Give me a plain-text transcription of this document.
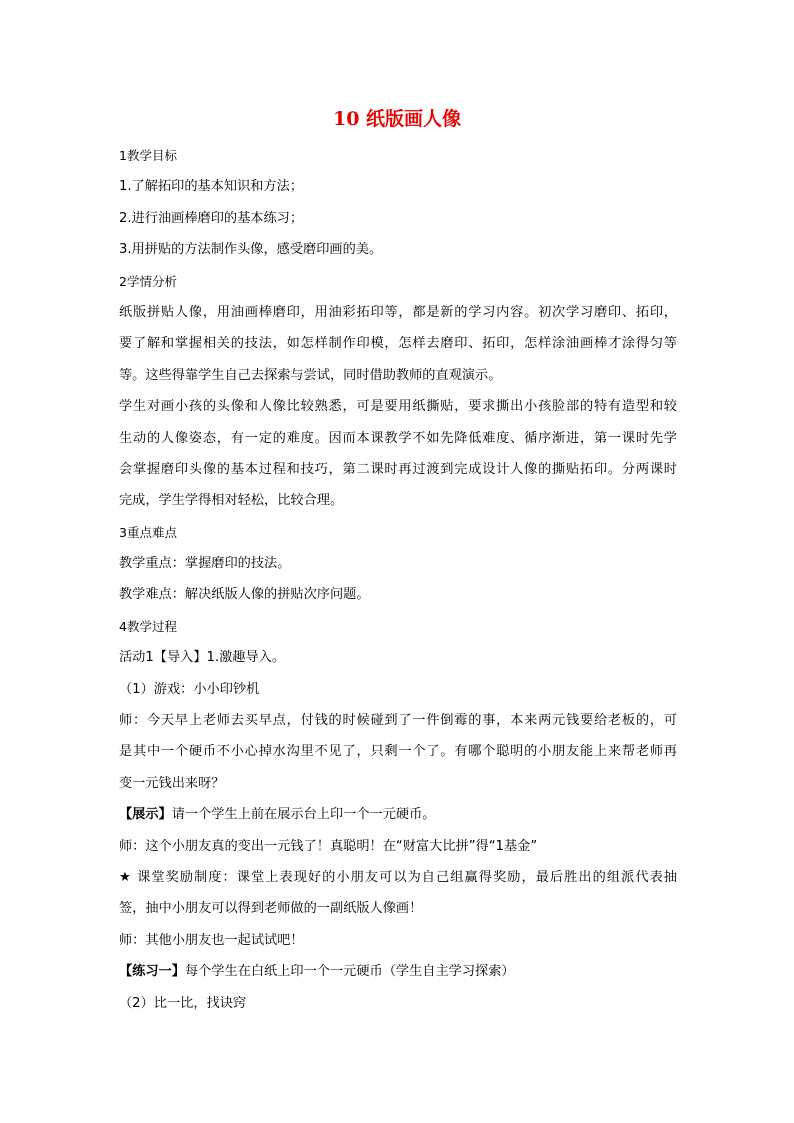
10 纸版画人像
1教学目标
1.了解拓印的基本知识和方法；
2.进行油画棒磨印的基本练习；
3.用拼贴的方法制作头像，感受磨印画的美。
2学情分析
纸版拼贴人像，用油画棒磨印，用油彩拓印等，都是新的学习内容。初次学习磨印、拓印，
要了解和掌握相关的技法，如怎样制作印模，怎样去磨印、拓印，怎样涂油画棒才涂得匀等
等。这些得靠学生自己去探索与尝试，同时借助教师的直观演示。
学生对画小孩的头像和人像比较熟悉，可是要用纸撕贴，要求撕出小孩脸部的特有造型和较
生动的人像姿态，有一定的难度。因而本课教学不如先降低难度、循序渐进，第一课时先学
会掌握磨印头像的基本过程和技巧，第二课时再过渡到完成设计人像的撕贴拓印。分两课时
完成，学生学得相对轻松，比较合理。
3重点难点
教学重点：掌握磨印的技法。
教学难点：解决纸版人像的拼贴次序问题。
4教学过程
活动1【导入】1.激趣导入。
（1）游戏：小小印钞机
师：今天早上老师去买早点，付钱的时候碰到了一件倒霉的事，本来两元钱要给老板的，可
是其中一个硬币不小心掉水沟里不见了，只剩一个了。有哪个聪明的小朋友能上来帮老师再
变一元钱出来呀？
【展示】请一个学生上前在展示台上印一个一元硬币。
师：这个小朋友真的变出一元钱了！真聪明！在“财富大比拼”得“1基金”
★ 课堂奖励制度：课堂上表现好的小朋友可以为自己组赢得奖励，最后胜出的组派代表抽
签，抽中小朋友可以得到老师做的一副纸版人像画！
师：其他小朋友也一起试试吧！
【练习一】每个学生在白纸上印一个一元硬币（学生自主学习探索）
（2）比一比，找诀窍
